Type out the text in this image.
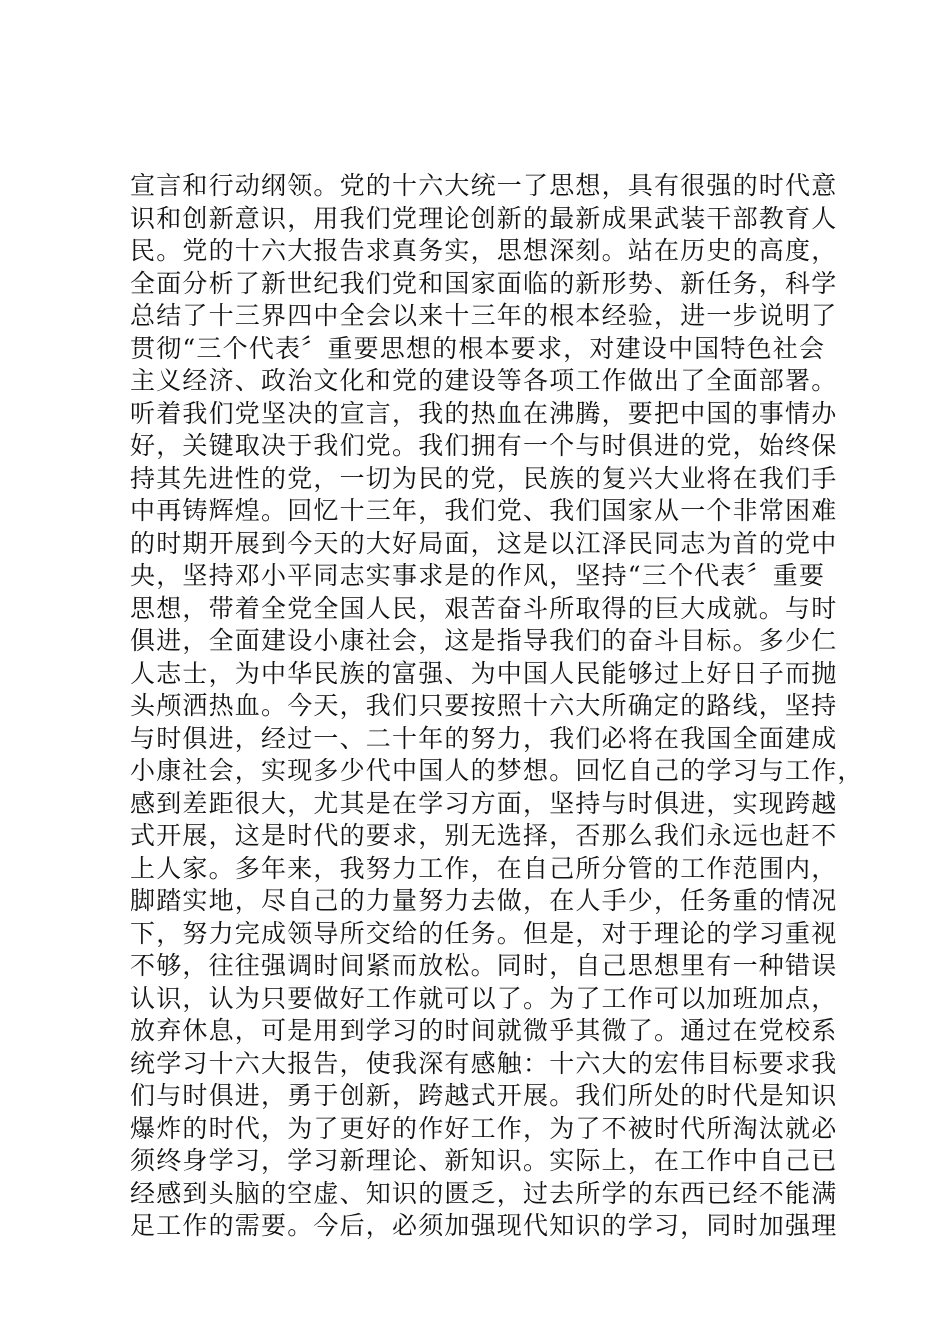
宣言和行动纲领。党的十六大统一了思想，具有很强的时代意
识和创新意识，用我们党理论创新的最新成果武装干部教育人
民。党的十六大报告求真务实，思想深刻。站在历史的高度，
全面分析了新世纪我们党和国家面临的新形势、新任务，科学
总结了十三界四中全会以来十三年的根本经验，进一步说明了
贯彻“三个代表〞重要思想的根本要求，对建设中国特色社会
主义经济、政治文化和党的建设等各项工作做出了全面部署。
听着我们党坚决的宣言，我的热血在沸腾，要把中国的事情办
好，关键取决于我们党。我们拥有一个与时俱进的党，始终保
持其先进性的党，一切为民的党，民族的复兴大业将在我们手
中再铸辉煌。回忆十三年，我们党、我们国家从一个非常困难
的时期开展到今天的大好局面，这是以江泽民同志为首的党中
央，坚持邓小平同志实事求是的作风，坚持“三个代表〞重要
思想，带着全党全国人民，艰苦奋斗所取得的巨大成就。与时
俱进，全面建设小康社会，这是指导我们的奋斗目标。多少仁
人志士，为中华民族的富强、为中国人民能够过上好日子而抛
头颅洒热血。今天，我们只要按照十六大所确定的路线，坚持
与时俱进，经过一、二十年的努力，我们必将在我国全面建成
小康社会，实现多少代中国人的梦想。回忆自己的学习与工作，
感到差距很大，尤其是在学习方面，坚持与时俱进，实现跨越
式开展，这是时代的要求，别无选择，否那么我们永远也赶不
上人家。多年来，我努力工作，在自己所分管的工作范围内，
脚踏实地，尽自己的力量努力去做，在人手少，任务重的情况
下，努力完成领导所交给的任务。但是，对于理论的学习重视
不够，往往强调时间紧而放松。同时，自己思想里有一种错误
认识，认为只要做好工作就可以了。为了工作可以加班加点，
放弃休息，可是用到学习的时间就微乎其微了。通过在党校系
统学习十六大报告，使我深有感触：十六大的宏伟目标要求我
们与时俱进，勇于创新，跨越式开展。我们所处的时代是知识
爆炸的时代，为了更好的作好工作，为了不被时代所淘汰就必
须终身学习，学习新理论、新知识。实际上，在工作中自己已
经感到头脑的空虚、知识的匮乏，过去所学的东西已经不能满
足工作的需要。今后，必须加强现代知识的学习，同时加强理
